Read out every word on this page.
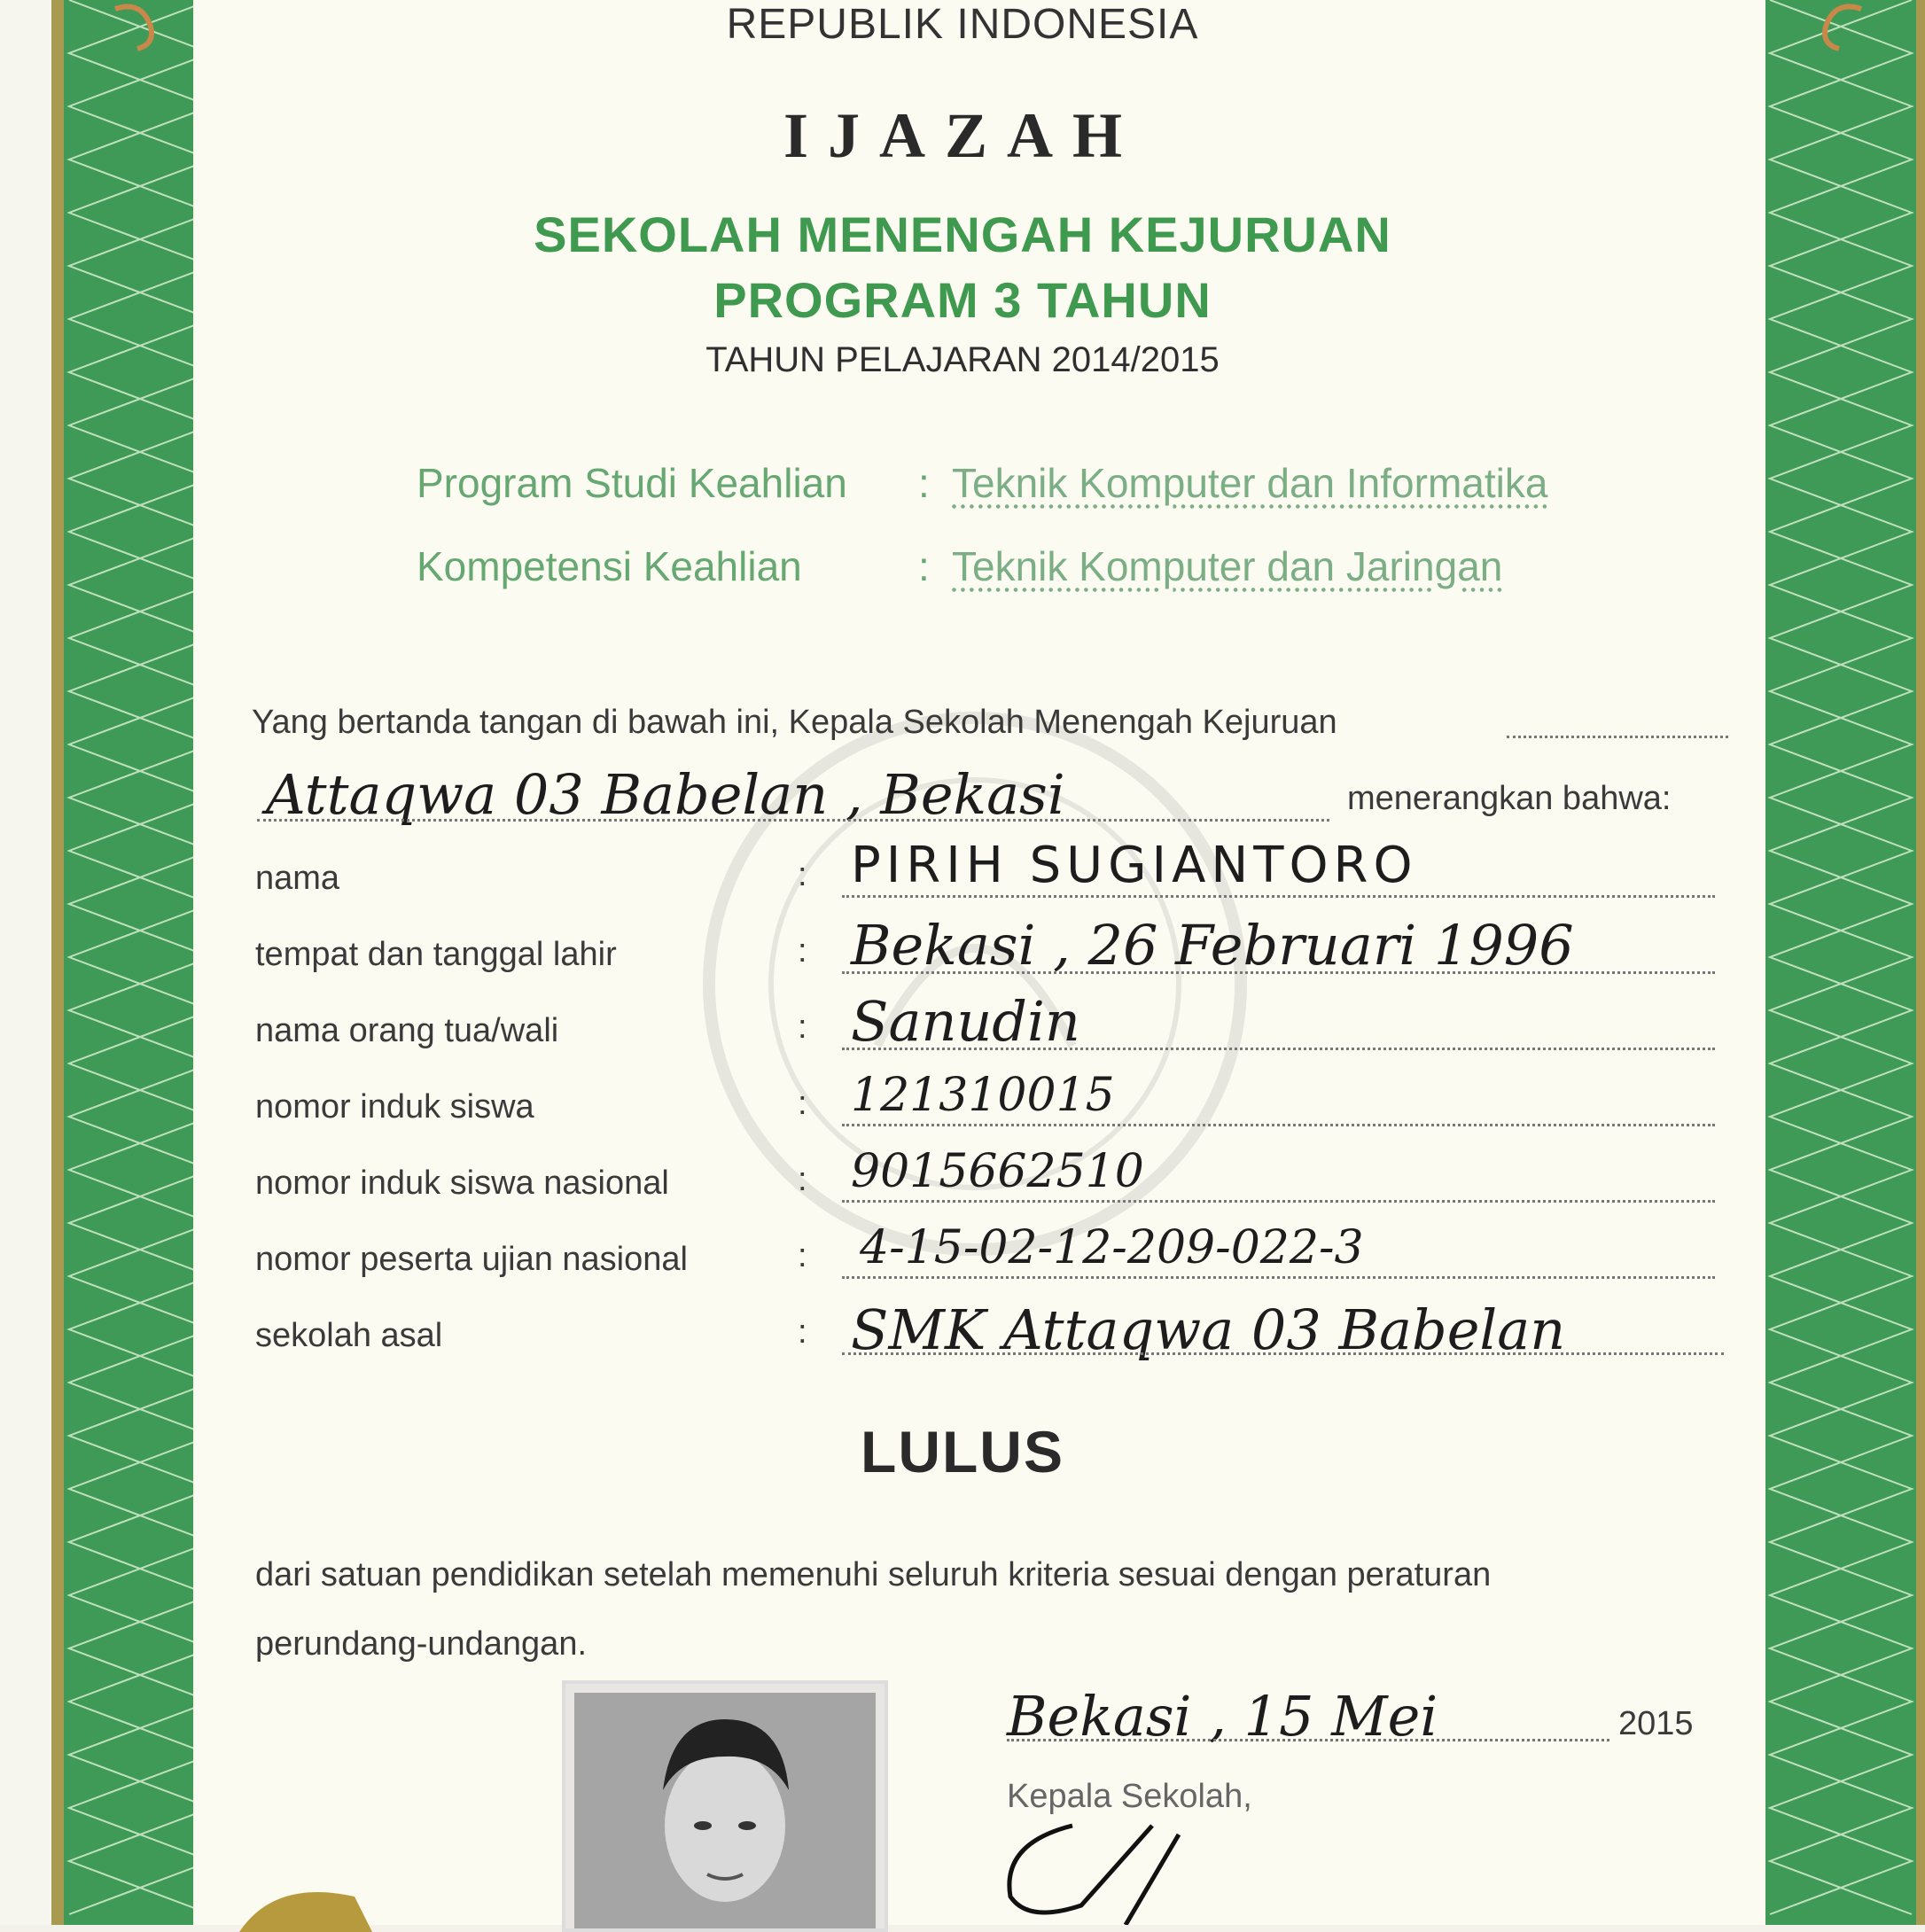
REPUBLIK INDONESIA
IJAZAH
SEKOLAH MENENGAH KEJURUAN
PROGRAM 3 TAHUN
TAHUN PELAJARAN 2014/2015
Program Studi Keahlian : Teknik Komputer dan Informatika
Kompetensi Keahlian	: Teknik Komputer dan Jaringan
Yang bertanda tangan di bawah ini, Kepala Sekolah Menengah Kejuruan
Attaqwa 03 Babelan , Bekasi	menerangkan bahwa:
nama	: PIRIH SUGIANTORO
tempat dan tanggal lahir	: Bekasi , 26 Februari 1996
nama orang tua/wali	: Sanudin
nomor induk siswa	: 121310015
nomor induk siswa nasional	: 9015662510
nomor peserta ujian nasional	: 4-15-02-12-209-022-3
sekolah asal	: SMK Attaqwa 03 Babelan
LULUS
dari satuan pendidikan setelah memenuhi seluruh kriteria sesuai dengan peraturan
perundang-undangan.
Bekasi , 15 Mei	2015
Kepala Sekolah,
